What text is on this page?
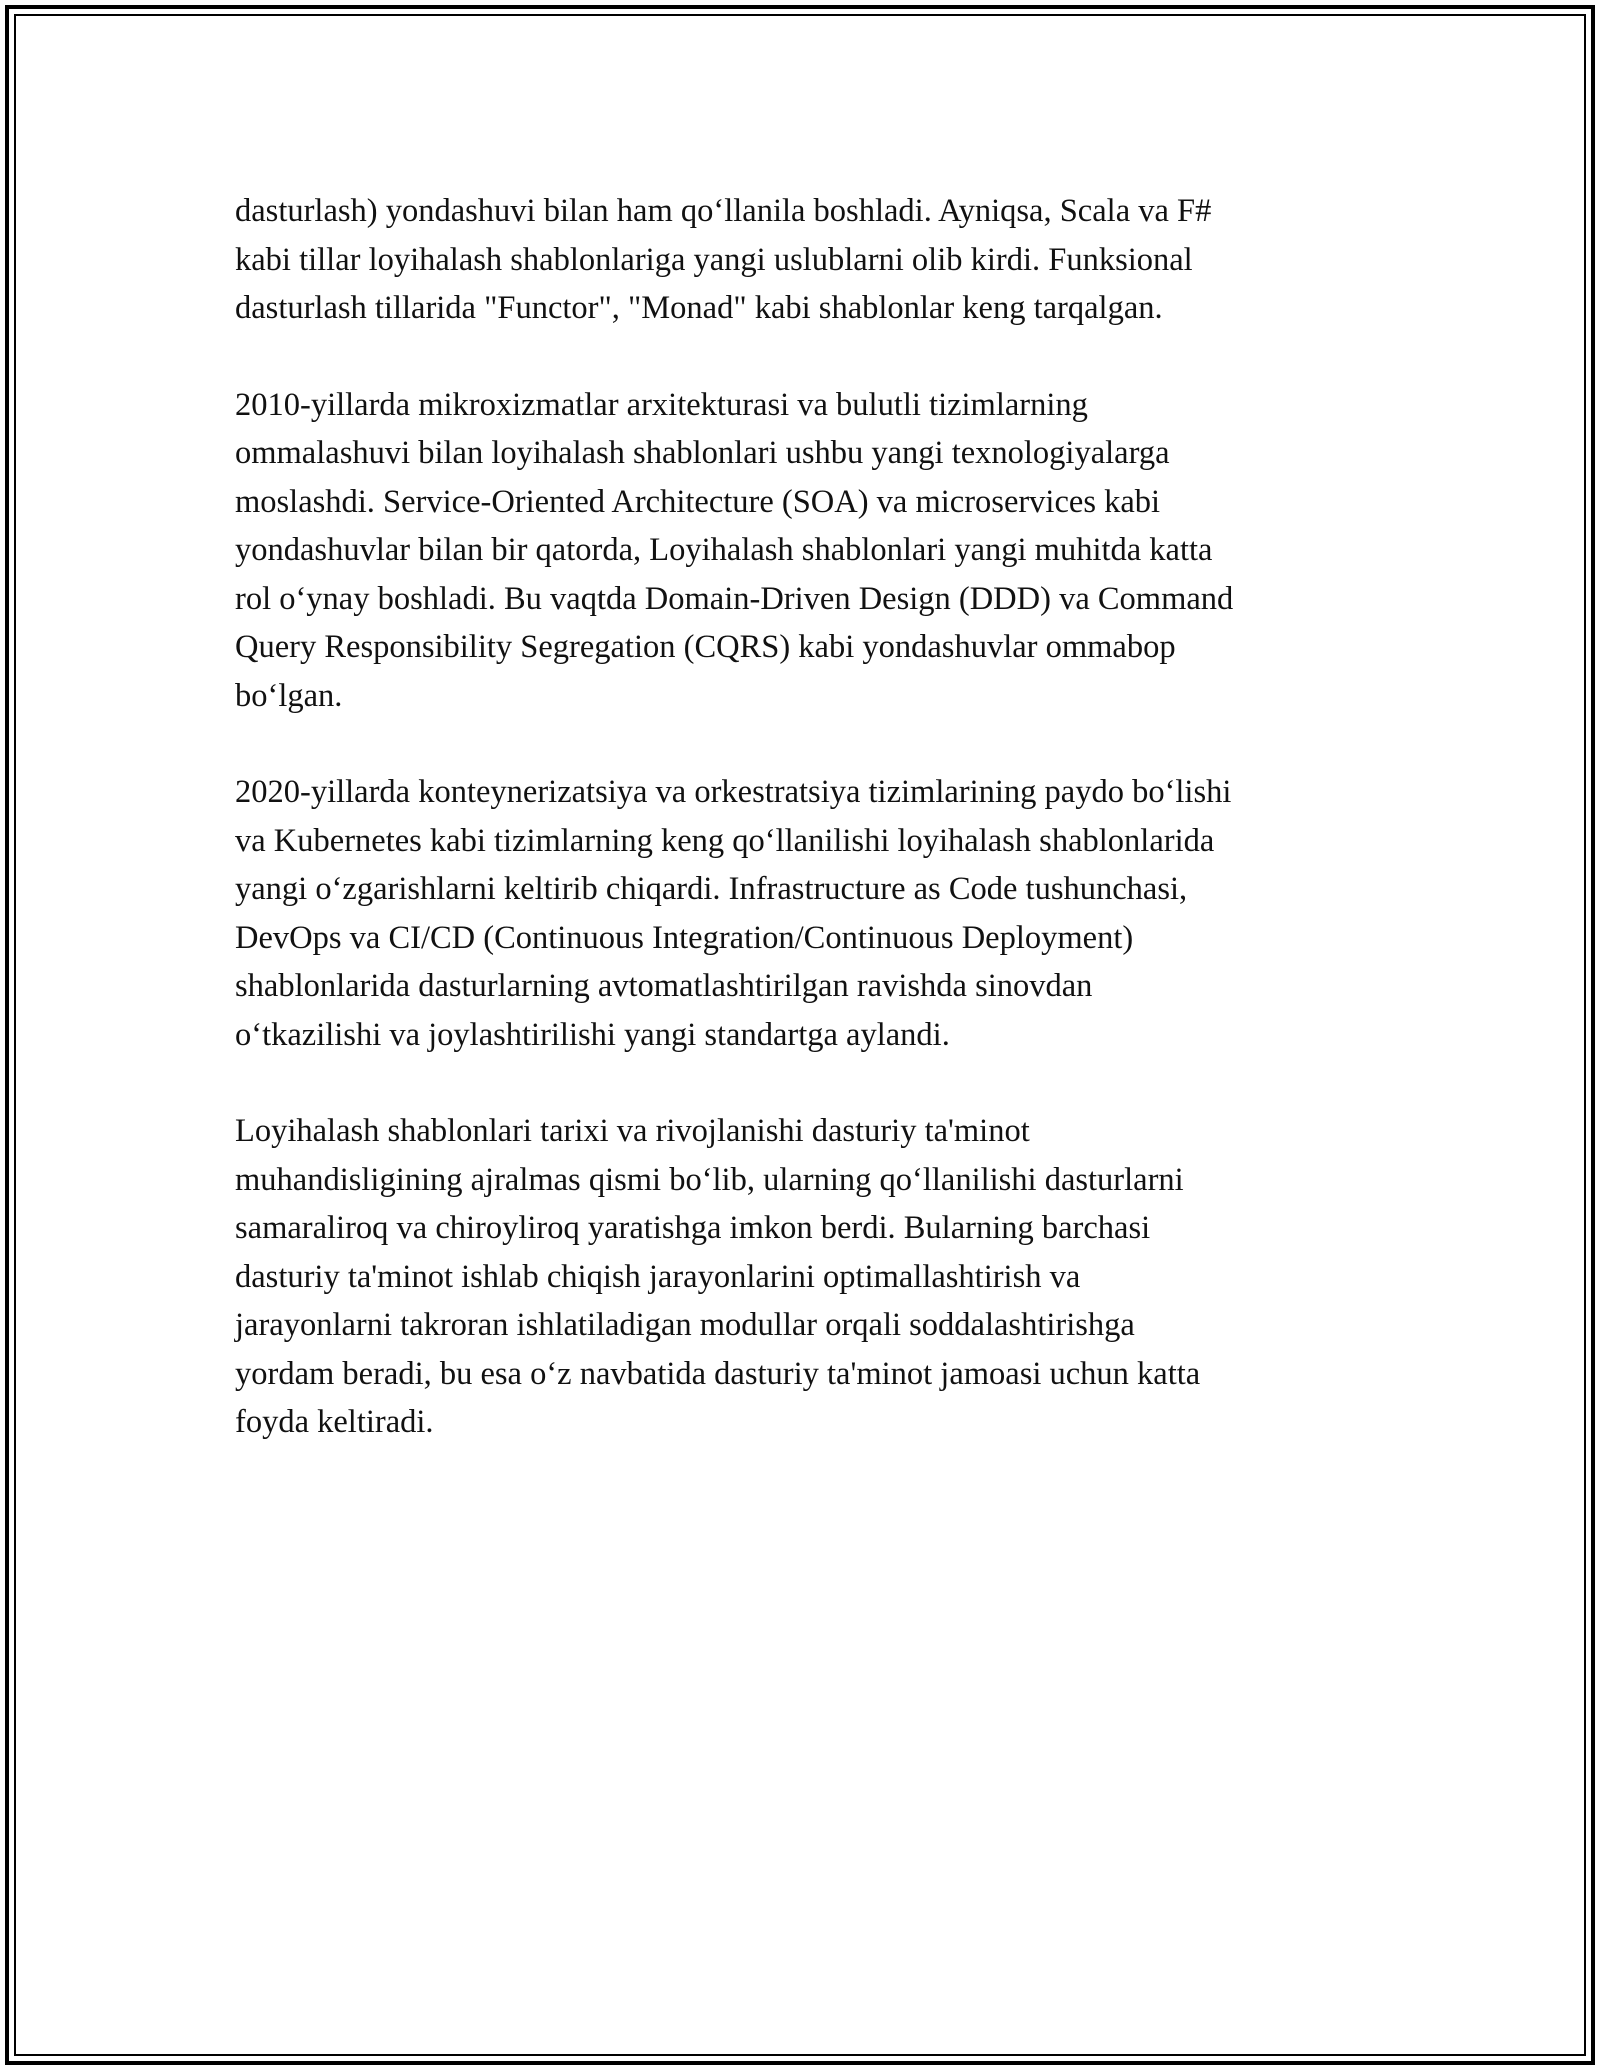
dasturlash) yondashuvi bilan ham qo‘llanila boshladi. Ayniqsa, Scala va F#
kabi tillar loyihalash shablonlariga yangi uslublarni olib kirdi. Funksional
dasturlash tillarida "Functor", "Monad" kabi shablonlar keng tarqalgan.

2010-yillarda mikroxizmatlar arxitekturasi va bulutli tizimlarning
ommalashuvi bilan loyihalash shablonlari ushbu yangi texnologiyalarga
moslashdi. Service-Oriented Architecture (SOA) va microservices kabi
yondashuvlar bilan bir qatorda, Loyihalash shablonlari yangi muhitda katta
rol o‘ynay boshladi. Bu vaqtda Domain-Driven Design (DDD) va Command
Query Responsibility Segregation (CQRS) kabi yondashuvlar ommabop
bo‘lgan.

2020-yillarda konteynerizatsiya va orkestratsiya tizimlarining paydo bo‘lishi
va Kubernetes kabi tizimlarning keng qo‘llanilishi loyihalash shablonlarida
yangi o‘zgarishlarni keltirib chiqardi. Infrastructure as Code tushunchasi,
DevOps va CI/CD (Continuous Integration/Continuous Deployment)
shablonlarida dasturlarning avtomatlashtirilgan ravishda sinovdan
o‘tkazilishi va joylashtirilishi yangi standartga aylandi.

Loyihalash shablonlari tarixi va rivojlanishi dasturiy ta'minot
muhandisligining ajralmas qismi bo‘lib, ularning qo‘llanilishi dasturlarni
samaraliroq va chiroyliroq yaratishga imkon berdi. Bularning barchasi
dasturiy ta'minot ishlab chiqish jarayonlarini optimallashtirish va
jarayonlarni takroran ishlatiladigan modullar orqali soddalashtirishga
yordam beradi, bu esa o‘z navbatida dasturiy ta'minot jamoasi uchun katta
foyda keltiradi.
